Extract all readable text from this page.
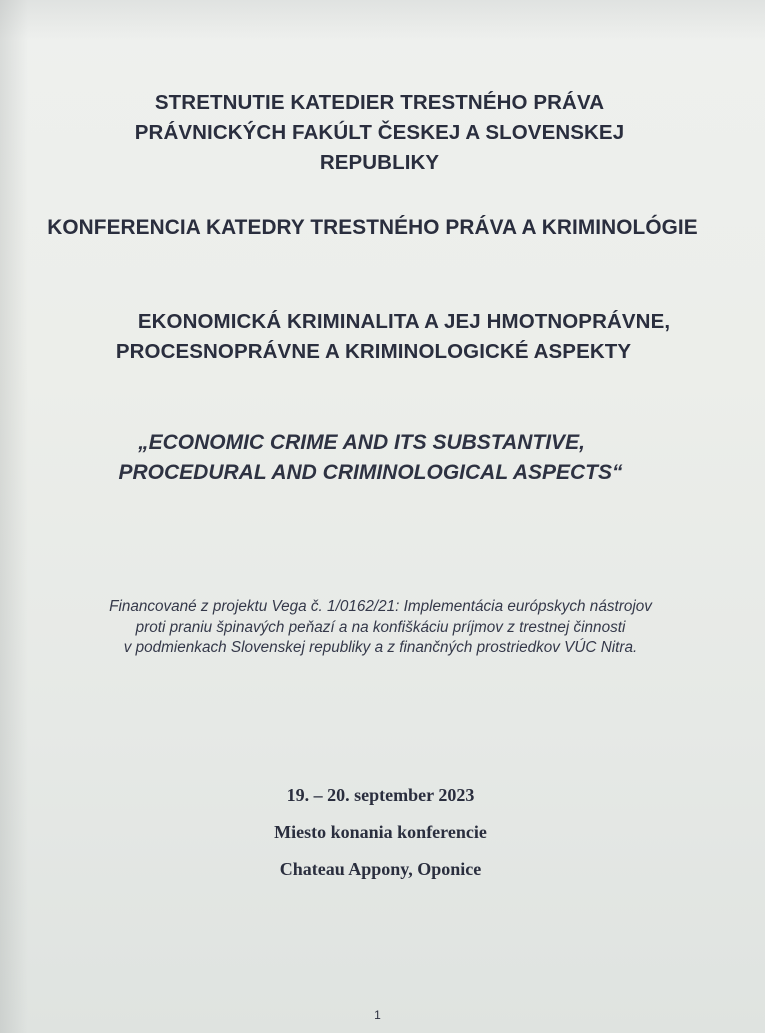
STRETNUTIE KATEDIER TRESTNÉHO PRÁVA
PRÁVNICKÝCH FAKÚLT ČESKEJ A SLOVENSKEJ
REPUBLIKY
KONFERENCIA KATEDRY TRESTNÉHO PRÁVA A KRIMINOLÓGIE
EKONOMICKÁ KRIMINALITA A JEJ HMOTNOPRÁVNE,
PROCESNOPRÁVNE A KRIMINOLOGICKÉ ASPEKTY
„ECONOMIC CRIME AND ITS SUBSTANTIVE,
PROCEDURAL AND CRIMINOLOGICAL ASPECTS“
Financované z projektu Vega č. 1/0162/21: Implementácia európskych nástrojov
proti praniu špinavých peňazí a na konfiškáciu príjmov z trestnej činnosti
v podmienkach Slovenskej republiky a z finančných prostriedkov VÚC Nitra.
19. – 20. september 2023
Miesto konania konferencie
Chateau Appony, Oponice
1
